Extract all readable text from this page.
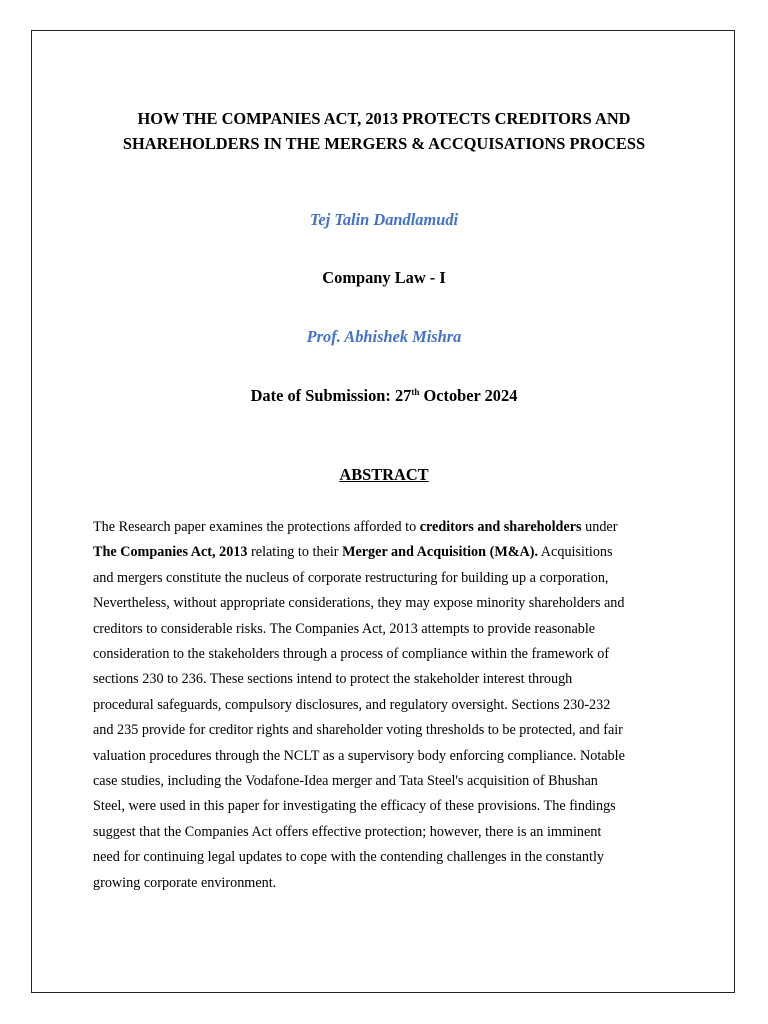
HOW THE COMPANIES ACT, 2013 PROTECTS CREDITORS AND
SHAREHOLDERS IN THE MERGERS & ACCQUISATIONS PROCESS

Tej Talin Dandlamudi

Company Law - I

Prof. Abhishek Mishra

Date of Submission: 27th October 2024

ABSTRACT

The Research paper examines the protections afforded to creditors and shareholders under
The Companies Act, 2013 relating to their Merger and Acquisition (M&A). Acquisitions
and mergers constitute the nucleus of corporate restructuring for building up a corporation,
Nevertheless, without appropriate considerations, they may expose minority shareholders and
creditors to considerable risks. The Companies Act, 2013 attempts to provide reasonable
consideration to the stakeholders through a process of compliance within the framework of
sections 230 to 236. These sections intend to protect the stakeholder interest through
procedural safeguards, compulsory disclosures, and regulatory oversight. Sections 230-232
and 235 provide for creditor rights and shareholder voting thresholds to be protected, and fair
valuation procedures through the NCLT as a supervisory body enforcing compliance. Notable
case studies, including the Vodafone-Idea merger and Tata Steel's acquisition of Bhushan
Steel, were used in this paper for investigating the efficacy of these provisions. The findings
suggest that the Companies Act offers effective protection; however, there is an imminent
need for continuing legal updates to cope with the contending challenges in the constantly
growing corporate environment.
